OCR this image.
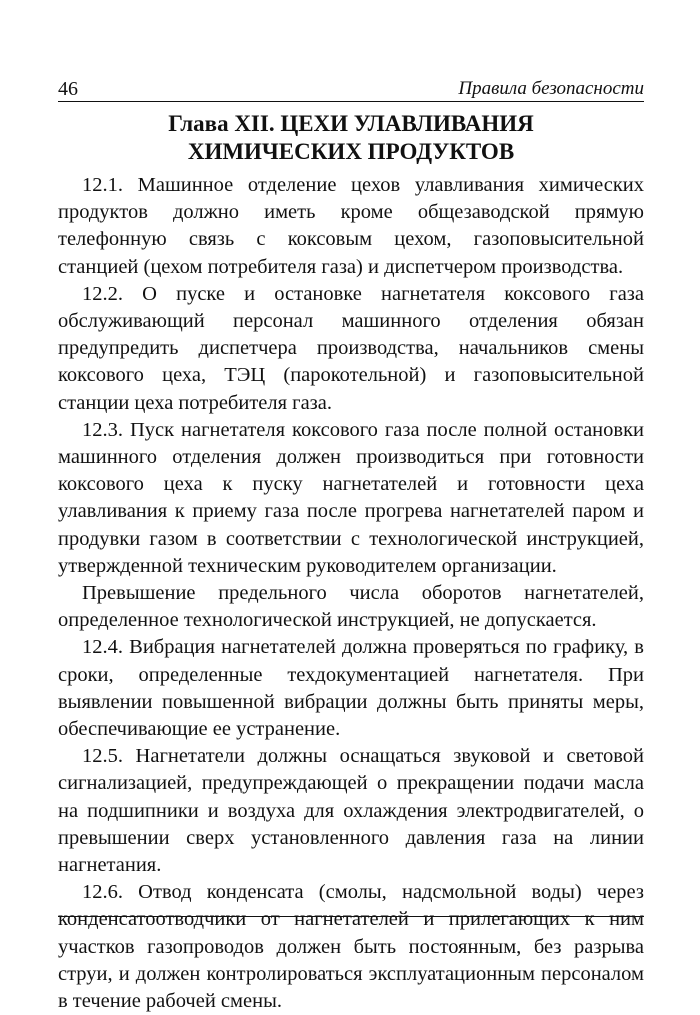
46	Правила безопасности
Глава XII. ЦЕХИ УЛАВЛИВАНИЯ
ХИМИЧЕСКИХ ПРОДУКТОВ

12.1. Машинное отделение цехов улавливания химических продуктов должно иметь кроме общезаводской прямую телефонную связь с коксовым цехом, газоповысительной станцией (цехом потребителя газа) и диспетчером производства.

12.2. О пуске и остановке нагнетателя коксового газа обслуживающий персонал машинного отделения обязан предупредить диспетчера производства, начальников смены коксового цеха, ТЭЦ (парокотельной) и газоповысительной станции цеха потребителя газа.

12.3. Пуск нагнетателя коксового газа после полной остановки машинного отделения должен производиться при готовности коксового цеха к пуску нагнетателей и готовности цеха улавливания к приему газа после прогрева нагнетателей паром и продувки газом в соответствии с технологической инструкцией, утвержденной техническим руководителем организации.

Превышение предельного числа оборотов нагнетателей, определенное технологической инструкцией, не допускается.

12.4. Вибрация нагнетателей должна проверяться по графику, в сроки, определенные техдокументацией нагнетателя. При выявлении повышенной вибрации должны быть приняты меры, обеспечивающие ее устранение.

12.5. Нагнетатели должны оснащаться звуковой и световой сигнализацией, предупреждающей о прекращении подачи масла на подшипники и воздуха для охлаждения электродвигателей, о превышении сверх установленного давления газа на линии нагнетания.

12.6. Отвод конденсата (смолы, надсмольной воды) через конденсатоотводчики от нагнетателей и прилегающих к ним участков газопроводов должен быть постоянным, без разрыва струи, и должен контролироваться эксплуатационным персоналом в течение рабочей смены.
